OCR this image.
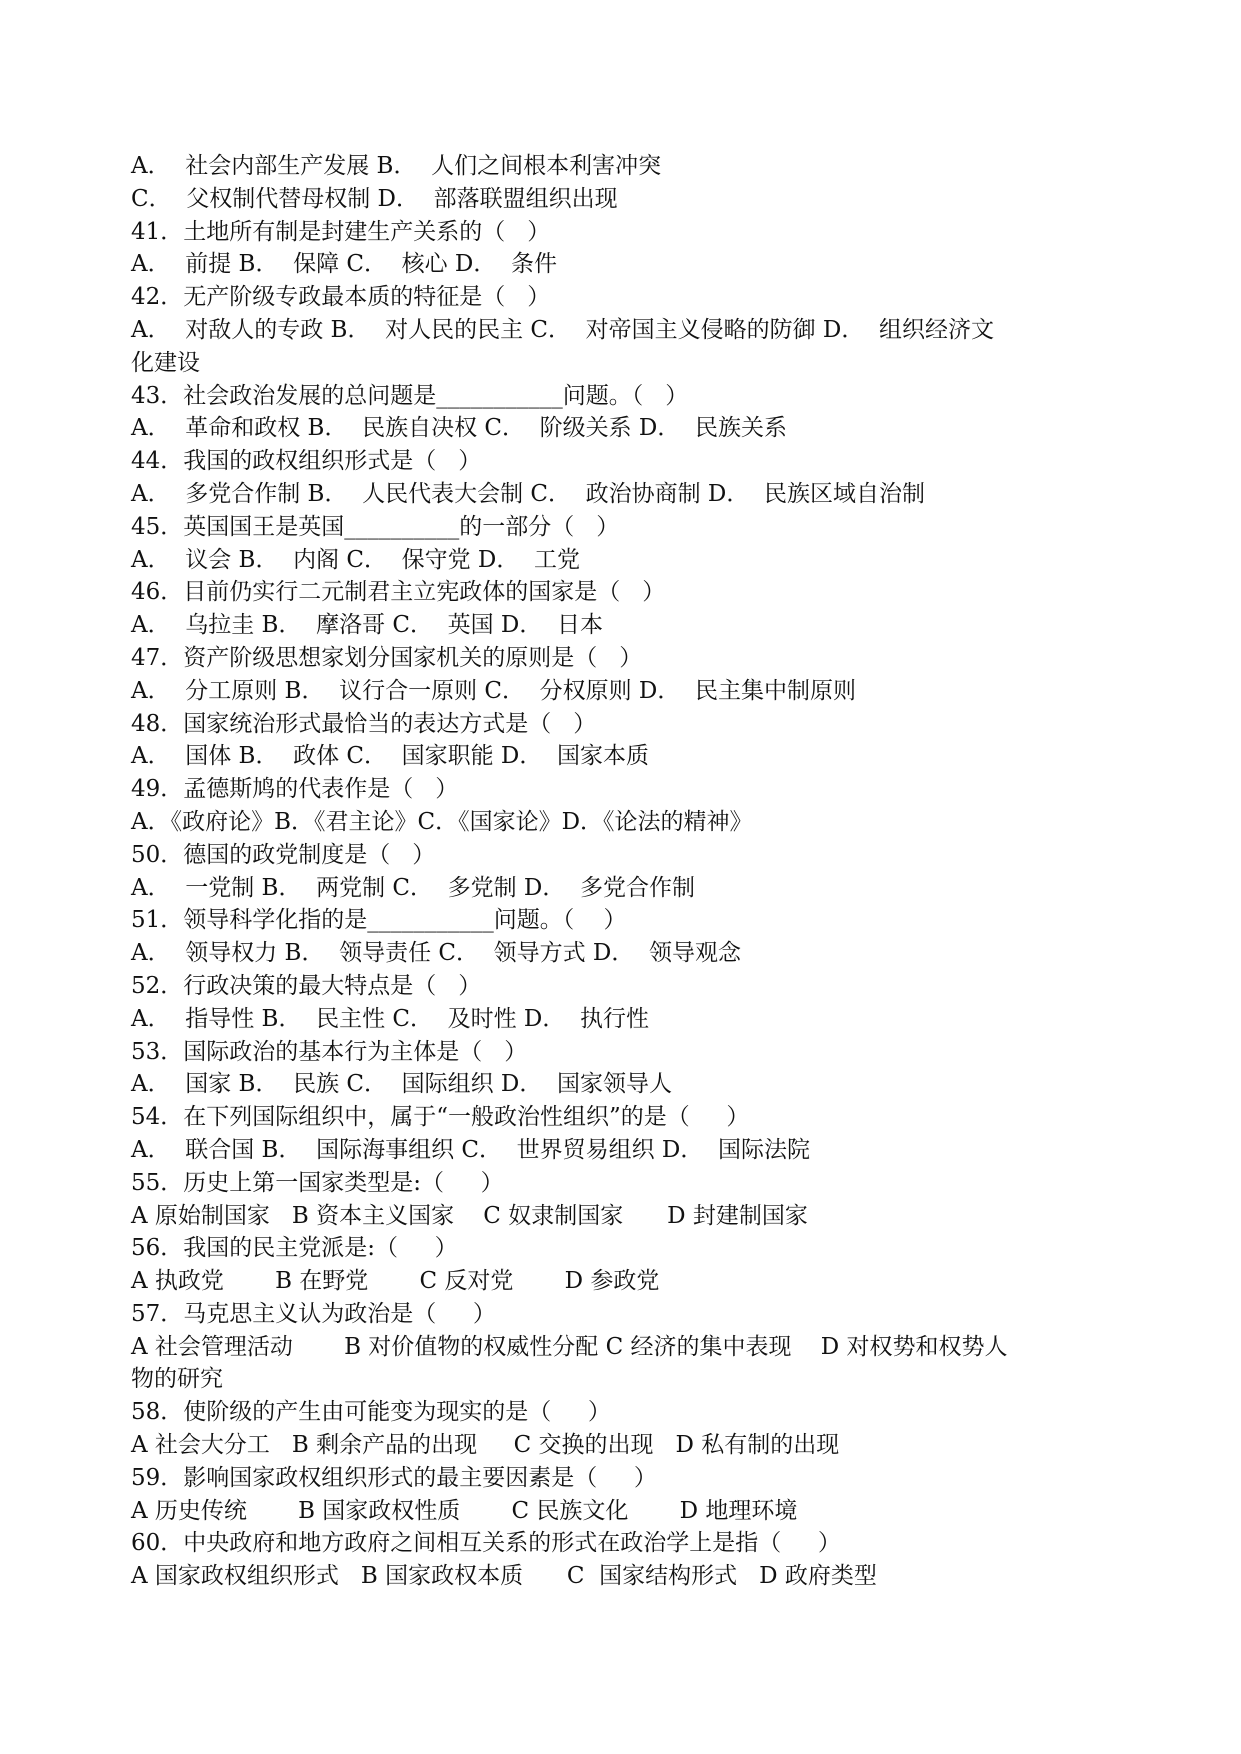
A．  社会内部生产发展 B．  人们之间根本利害冲突
C．  父权制代替母权制 D．  部落联盟组织出现
41．土地所有制是封建生产关系的（   ）
A．  前提 B．  保障 C．  核心 D．  条件
42．无产阶级专政最本质的特征是（   ）
A．  对敌人的专政 B．  对人民的民主 C．  对帝国主义侵略的防御 D．  组织经济文
化建设
43．社会政治发展的总问题是___________问题。（   ）
A．  革命和政权 B．  民族自决权 C．  阶级关系 D．  民族关系
44．我国的政权组织形式是（   ）
A．  多党合作制 B．  人民代表大会制 C．  政治协商制 D．  民族区域自治制
45．英国国王是英国__________的一部分（   ）
A．  议会 B．  内阁 C．  保守党 D．  工党
46．目前仍实行二元制君主立宪政体的国家是（   ）
A．  乌拉圭 B．  摩洛哥 C．  英国 D．  日本
47．资产阶级思想家划分国家机关的原则是（   ）
A．  分工原则 B．  议行合一原则 C．  分权原则 D．  民主集中制原则
48．国家统治形式最恰当的表达方式是（   ）
A．  国体 B．  政体 C．  国家职能 D．  国家本质
49．孟德斯鸠的代表作是（   ）
A．《政府论》B．《君主论》C．《国家论》D．《论法的精神》
50．德国的政党制度是（   ）
A．  一党制 B．  两党制 C．  多党制 D．  多党合作制
51．领导科学化指的是___________问题。（    ）
A．  领导权力 B．  领导责任 C．  领导方式 D．  领导观念
52．行政决策的最大特点是（   ）
A．  指导性 B．  民主性 C．  及时性 D．  执行性
53．国际政治的基本行为主体是（   ）
A．  国家 B．  民族 C．  国际组织 D．  国家领导人
54．在下列国际组织中，属于“一般政治性组织”的是（     ）
A．  联合国 B．  国际海事组织 C．  世界贸易组织 D．  国际法院
55．历史上第一国家类型是:（     ）
A 原始制国家   B 资本主义国家    C 奴隶制国家      D 封建制国家
56．我国的民主党派是:（     ）
A 执政党       B 在野党       C 反对党       D 参政党
57．马克思主义认为政治是（     ）
A 社会管理活动       B 对价值物的权威性分配 C 经济的集中表现    D 对权势和权势人
物的研究
58．使阶级的产生由可能变为现实的是（     ）
A 社会大分工   B 剩余产品的出现     C 交换的出现   D 私有制的出现
59．影响国家政权组织形式的最主要因素是（     ）
A 历史传统       B 国家政权性质       C 民族文化       D 地理环境
60．中央政府和地方政府之间相互关系的形式在政治学上是指（     ）
A 国家政权组织形式   B 国家政权本质      C  国家结构形式   D 政府类型
